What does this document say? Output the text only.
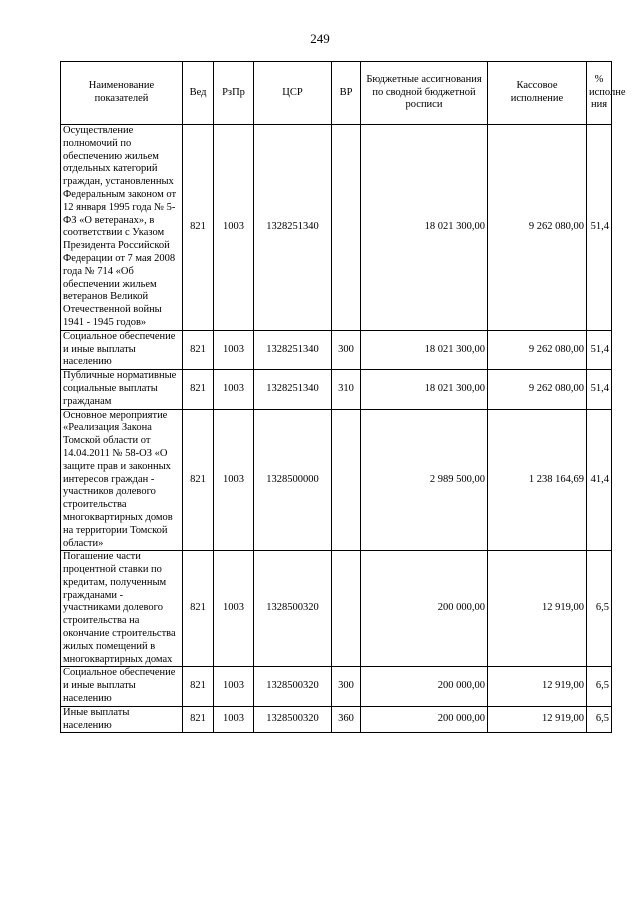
249
Наименование показателей	Вед	РзПр	ЦСР	ВР	Бюджетные ассигнования по сводной бюджетной росписи	Кассовое исполнение	% исполне ния
Осуществление полномочий по обеспечению жильем отдельных категорий граждан, установленных Федеральным законом от 12 января 1995 года № 5-ФЗ «О ветеранах», в соответствии с Указом Президента Российской Федерации от 7 мая 2008 года № 714 «Об обеспечении жильем ветеранов Великой Отечественной войны 1941 - 1945 годов»	821	1003	1328251340		18 021 300,00	9 262 080,00	51,4
Социальное обеспечение и иные выплаты населению	821	1003	1328251340	300	18 021 300,00	9 262 080,00	51,4
Публичные нормативные социальные выплаты гражданам	821	1003	1328251340	310	18 021 300,00	9 262 080,00	51,4
Основное мероприятие «Реализация Закона Томской области от 14.04.2011 № 58-ОЗ «О защите прав и законных интересов граждан - участников долевого строительства многоквартирных домов на территории Томской области»	821	1003	1328500000		2 989 500,00	1 238 164,69	41,4
Погашение части процентной ставки по кредитам, полученным гражданами - участниками долевого строительства на окончание строительства жилых помещений в многоквартирных домах	821	1003	1328500320		200 000,00	12 919,00	6,5
Социальное обеспечение и иные выплаты населению	821	1003	1328500320	300	200 000,00	12 919,00	6,5
Иные выплаты населению	821	1003	1328500320	360	200 000,00	12 919,00	6,5
